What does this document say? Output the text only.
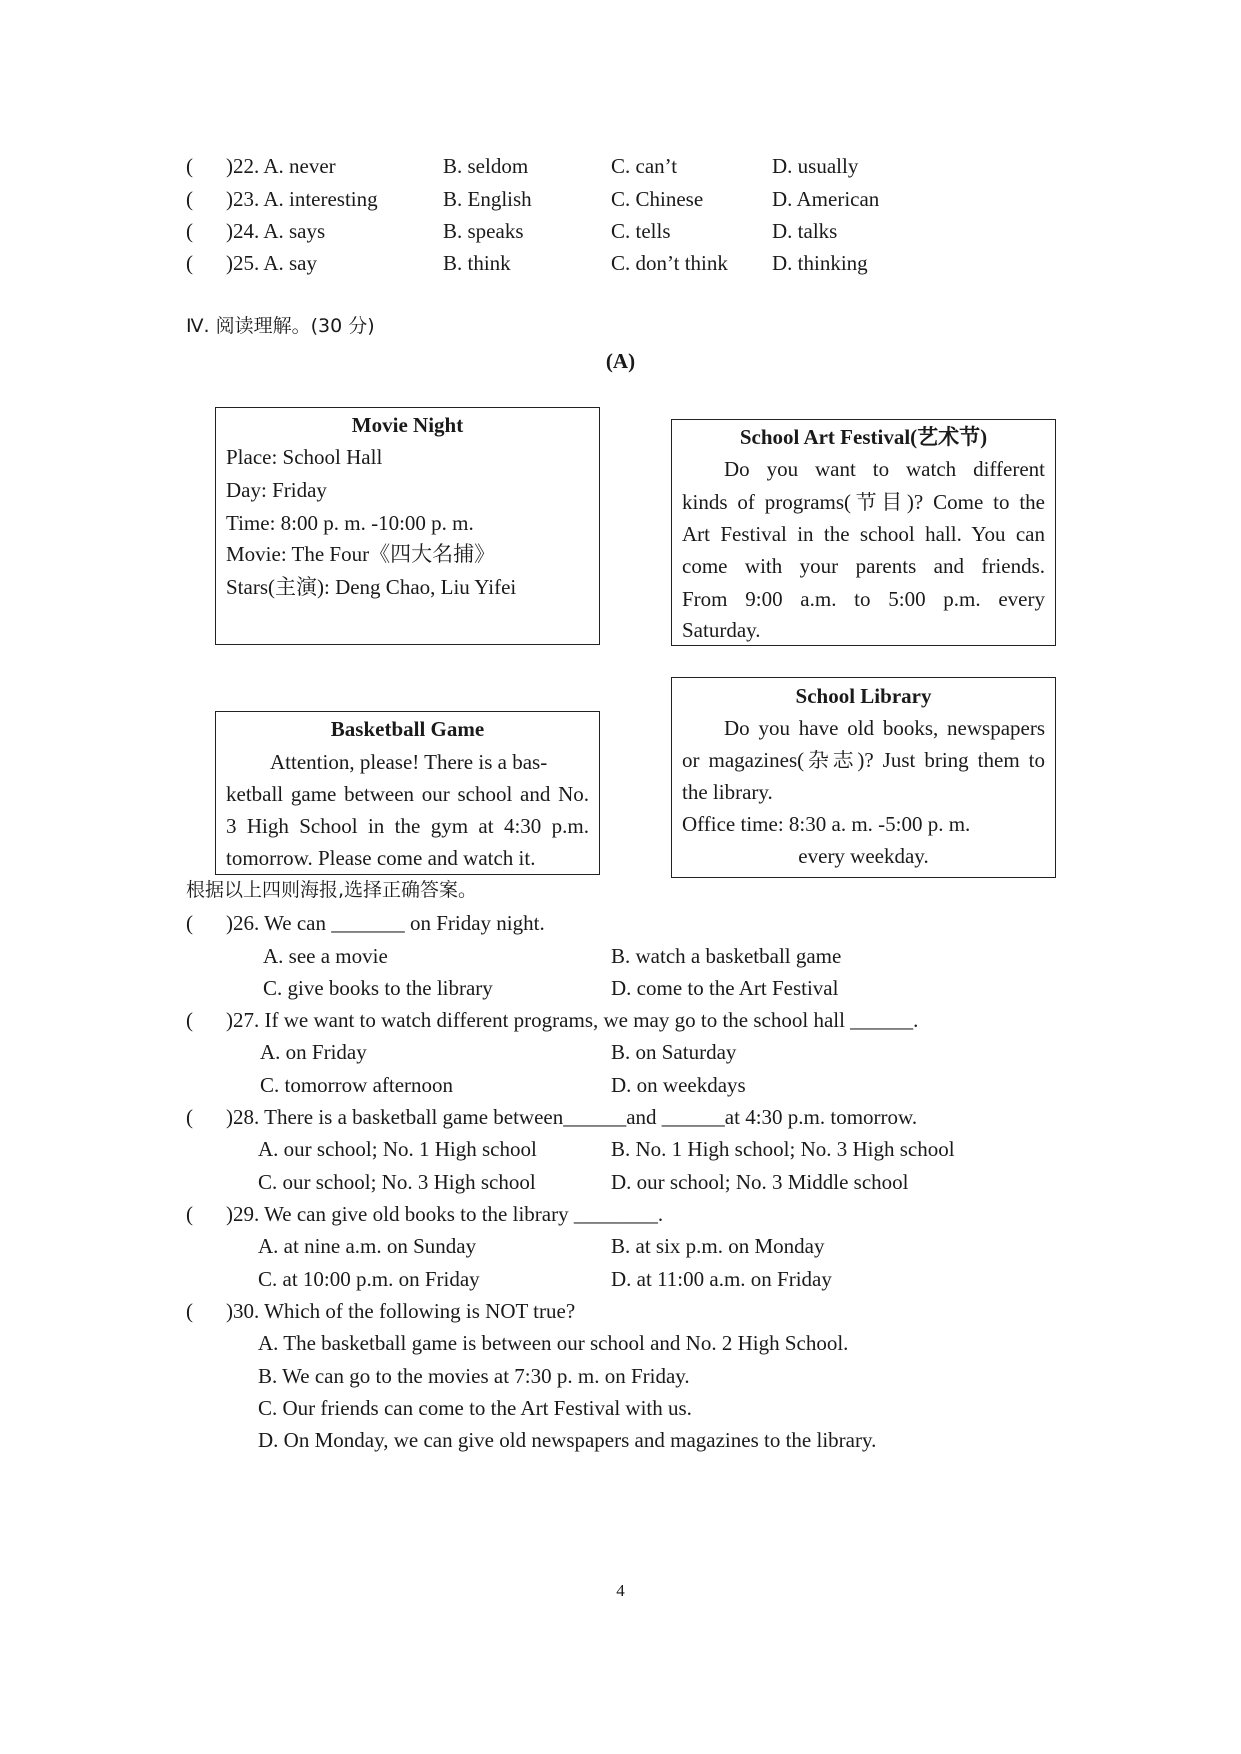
( )22. A. never	B. seldom	C. can’t	D. usually
( )23. A. interesting	B. English	C. Chinese	D. American
( )24. A. says	B. speaks	C. tells	D. talks
( )25. A. say	B. think	C. don’t think D. thinking
Ⅳ. 阅读理解。(30 分)
(A)
Movie Night
Place: School Hall
Day: Friday
Time: 8:00 p. m. -10:00 p. m.
Movie: The Four《四大名捕》
Stars(主演): Deng Chao, Liu Yifei
School Art Festival(艺术节)
Do you want to watch different
kinds of programs(节目)? Come to the
Art Festival in the school hall. You can
come with your parents and friends.
From 9:00 a.m. to 5:00 p.m. every
Saturday.
School Library
Do you have old books, newspapers
or magazines(杂志)? Just bring them to
the library.
Office time: 8:30 a. m. -5:00 p. m.
every weekday.
Basketball Game
Attention, please! There is a bas-
ketball game between our school and No.
3 High School in the gym at 4:30 p.m.
tomorrow. Please come and watch it.
根据以上四则海报,选择正确答案。
( )26. We can _______ on Friday night.
A. see a movie	B. watch a basketball game
C. give books to the library	D. come to the Art Festival
( )27. If we want to watch different programs, we may go to the school hall ______.
A. on Friday	B. on Saturday
C. tomorrow afternoon	D. on weekdays
( )28. There is a basketball game between______and ______at 4:30 p.m. tomorrow.
A. our school; No. 1 High school	B. No. 1 High school; No. 3 High school
C. our school; No. 3 High school	D. our school; No. 3 Middle school
( )29. We can give old books to the library ________.
A. at nine a.m. on Sunday	B. at six p.m. on Monday
C. at 10:00 p.m. on Friday	D. at 11:00 a.m. on Friday
( )30. Which of the following is NOT true?
A. The basketball game is between our school and No. 2 High School.
B. We can go to the movies at 7:30 p. m. on Friday.
C. Our friends can come to the Art Festival with us.
D. On Monday, we can give old newspapers and magazines to the library.
4
